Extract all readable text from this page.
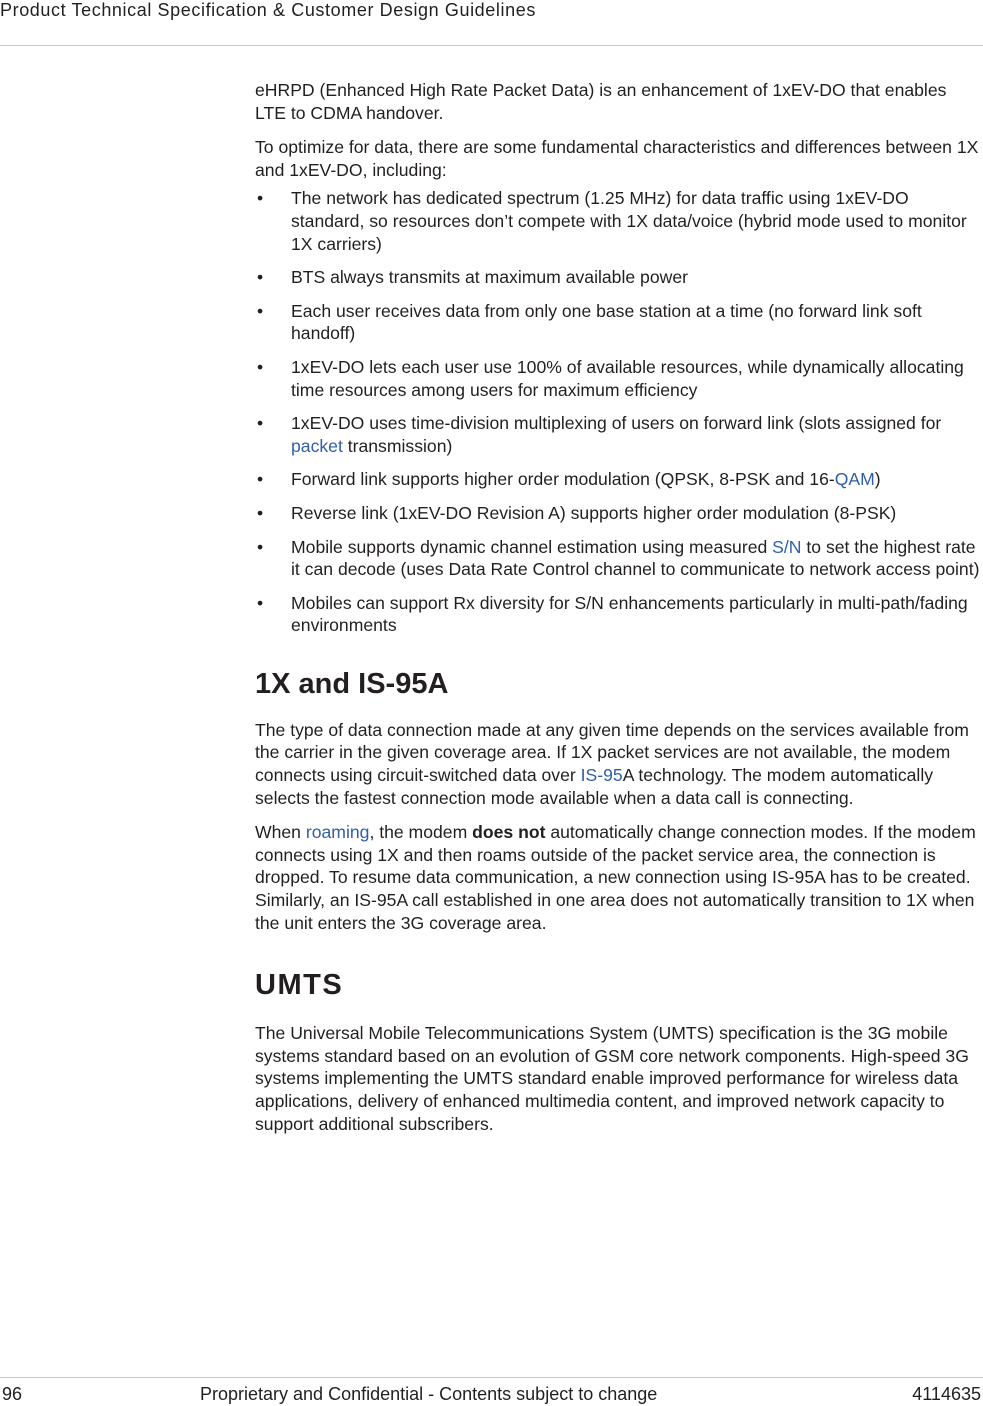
Product Technical Specification & Customer Design Guidelines

eHRPD (Enhanced High Rate Packet Data) is an enhancement of 1xEV-DO that enables LTE to CDMA handover.

To optimize for data, there are some fundamental characteristics and differences between 1X and 1xEV-DO, including:

• The network has dedicated spectrum (1.25 MHz) for data traffic using 1xEV-DO standard, so resources don’t compete with 1X data/voice (hybrid mode used to monitor 1X carriers)
• BTS always transmits at maximum available power
• Each user receives data from only one base station at a time (no forward link soft handoff)
• 1xEV-DO lets each user use 100% of available resources, while dynamically allocating time resources among users for maximum efficiency
• 1xEV-DO uses time-division multiplexing of users on forward link (slots assigned for packet transmission)
• Forward link supports higher order modulation (QPSK, 8-PSK and 16-QAM)
• Reverse link (1xEV-DO Revision A) supports higher order modulation (8-PSK)
• Mobile supports dynamic channel estimation using measured S/N to set the highest rate it can decode (uses Data Rate Control channel to communicate to network access point)
• Mobiles can support Rx diversity for S/N enhancements particularly in multi-path/fading environments
1X and IS-95A

The type of data connection made at any given time depends on the services available from the carrier in the given coverage area. If 1X packet services are not available, the modem connects using circuit-switched data over IS-95A technology. The modem automatically selects the fastest connection mode available when a data call is connecting.

When roaming, the modem does not automatically change connection modes. If the modem connects using 1X and then roams outside of the packet service area, the connection is dropped. To resume data communication, a new connection using IS-95A has to be created. Similarly, an IS-95A call established in one area does not automatically transition to 1X when the unit enters the 3G coverage area.

UMTS

The Universal Mobile Telecommunications System (UMTS) specification is the 3G mobile systems standard based on an evolution of GSM core network components. High-speed 3G systems implementing the UMTS standard enable improved performance for wireless data applications, delivery of enhanced multimedia content, and improved network capacity to support additional subscribers.

96	Proprietary and Confidential - Contents subject to change	4114635
